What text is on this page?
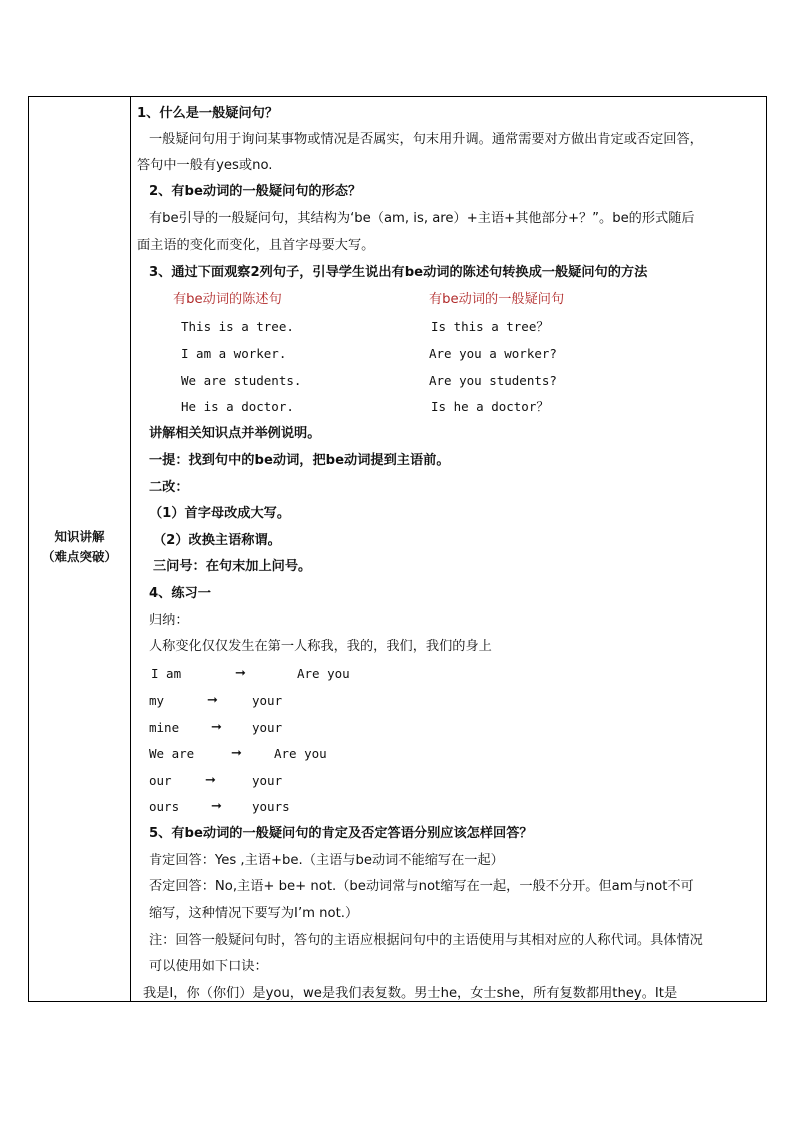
知识讲解
（难点突破）
1、什么是一般疑问句？
一般疑问句用于询问某事物或情况是否属实，句末用升调。通常需要对方做出肯定或否定回答，
答句中一般有yes或no.
2、有be动词的一般疑问句的形态？
有be引导的一般疑问句，其结构为‘be（am, is, are）+主语+其他部分+？”。be的形式随后
面主语的变化而变化，且首字母要大写。
3、通过下面观察2列句子，引导学生说出有be动词的陈述句转换成一般疑问句的方法
有be动词的陈述句	有be动词的一般疑问句
This is a tree.	Is this a tree？
I am a worker.	Are you a worker?
We are students.	Are you students?
He is a doctor.	Is he a doctor？
讲解相关知识点并举例说明。
一提：找到句中的be动词，把be动词提到主语前。
二改：
（1）首字母改成大写。
（2）改换主语称谓。
三问号：在句末加上问号。
4、练习一
归纳：
人称变化仅仅发生在第一人称我，我的，我们，我们的身上
I am	➞	Are you
my	➞	your
mine ➞ your
We are	➞	Are you
our	➞	your
ours ➞ yours
5、有be动词的一般疑问句的肯定及否定答语分别应该怎样回答？
肯定回答：Yes ,主语+be.（主语与be动词不能缩写在一起）
否定回答：No,主语+ be+ not.（be动词常与not缩写在一起，一般不分开。但am与not不可
缩写，这种情况下要写为I’m not.）
注：回答一般疑问句时，答句的主语应根据问句中的主语使用与其相对应的人称代词。具体情况
可以使用如下口诀：
我是I，你（你们）是you，we是我们表复数。男士he，女士she，所有复数都用they。It是
